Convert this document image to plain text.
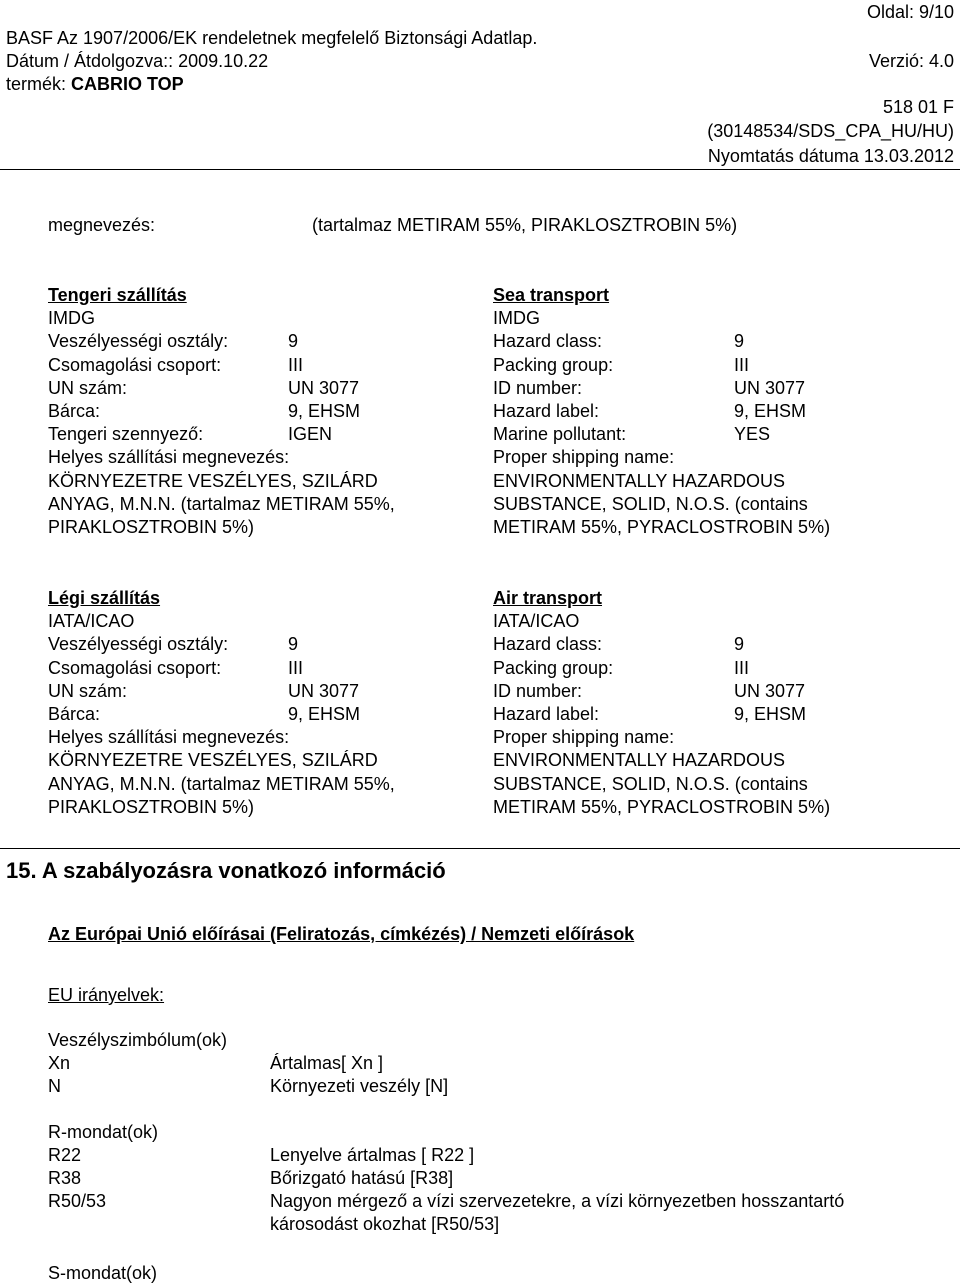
Oldal: 9/10
BASF Az 1907/2006/EK rendeletnek megfelelő Biztonsági Adatlap.
Dátum / Átdolgozva:: 2009.10.22	Verzió: 4.0
termék: CABRIO TOP
518 01 F
(30148534/SDS_CPA_HU/HU)
Nyomtatás dátuma 13.03.2012
megnevezés:	(tartalmaz METIRAM 55%, PIRAKLOSZTROBIN 5%)
Tengeri szállítás
IMDG
Veszélyességi osztály:	9
Csomagolási csoport:	III
UN szám:	UN 3077
Bárca:	9, EHSM
Tengeri szennyező:	IGEN
Helyes szállítási megnevezés:
KÖRNYEZETRE VESZÉLYES, SZILÁRD
ANYAG, M.N.N. (tartalmaz METIRAM 55%,
PIRAKLOSZTROBIN 5%)
Sea transport
IMDG
Hazard class:	9
Packing group:	III
ID number:	UN 3077
Hazard label:	9, EHSM
Marine pollutant:	YES
Proper shipping name:
ENVIRONMENTALLY HAZARDOUS
SUBSTANCE, SOLID, N.O.S. (contains
METIRAM 55%, PYRACLOSTROBIN 5%)
Légi szállítás
IATA/ICAO
Veszélyességi osztály:	9
Csomagolási csoport:	III
UN szám:	UN 3077
Bárca:	9, EHSM
Helyes szállítási megnevezés:
KÖRNYEZETRE VESZÉLYES, SZILÁRD
ANYAG, M.N.N. (tartalmaz METIRAM 55%,
PIRAKLOSZTROBIN 5%)
Air transport
IATA/ICAO
Hazard class:	9
Packing group:	III
ID number:	UN 3077
Hazard label:	9, EHSM
Proper shipping name:
ENVIRONMENTALLY HAZARDOUS
SUBSTANCE, SOLID, N.O.S. (contains
METIRAM 55%, PYRACLOSTROBIN 5%)
15. A szabályozásra vonatkozó információ
Az Európai Unió előírásai (Feliratozás, címkézés) / Nemzeti előírások
EU irányelvek:
Veszélyszimbólum(ok)
Xn	Ártalmas[ Xn ]
N	Környezeti veszély [N]
R-mondat(ok)
R22	Lenyelve ártalmas [ R22 ]
R38	Bőrizgató hatású [R38]
R50/53	Nagyon mérgező a vízi szervezetekre, a vízi környezetben hosszantartó károsodást okozhat [R50/53]
S-mondat(ok)
